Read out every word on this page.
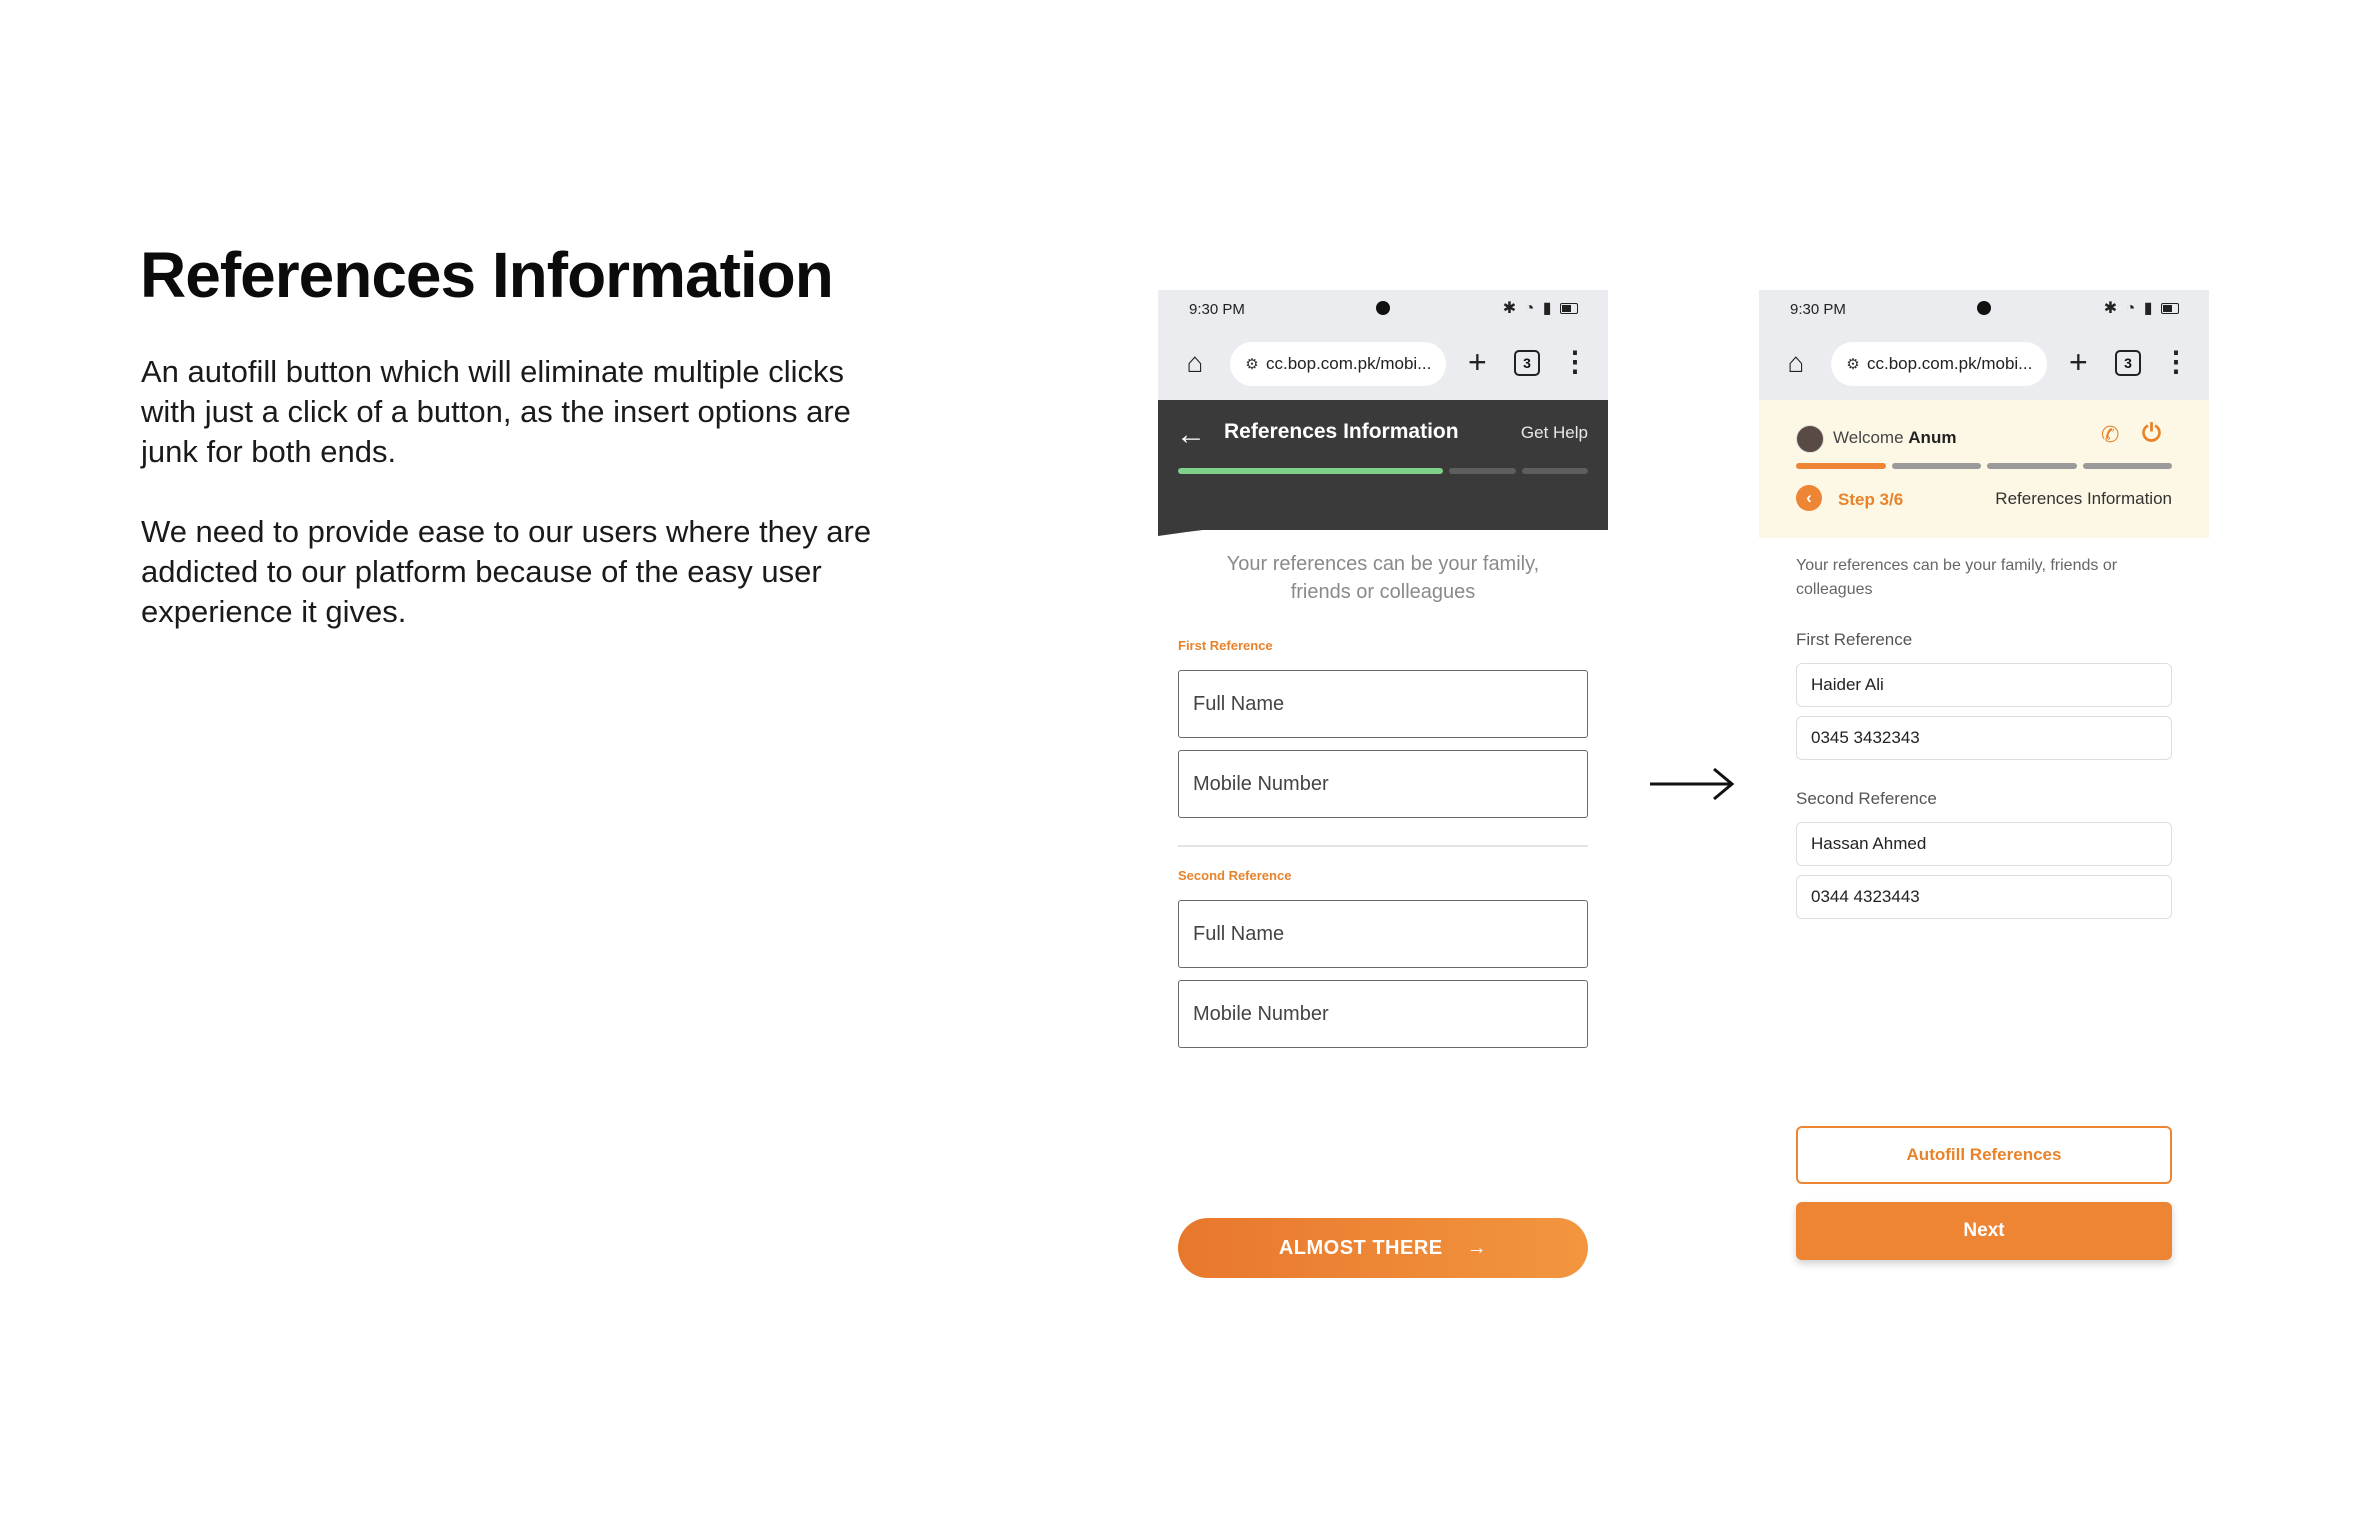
References Information

An autofill button which will eliminate multiple clicks with just a click of a button, as the insert options are junk for both ends.

We need to provide ease to our users where they are addicted to our platform because of the easy user experience it gives.

9:30 PM	✱ ◔ ▮
⌂	⚙ cc.bop.com.pk/mobi...	+	3	⋮
← References Information	Get Help
Your references can be your family, friends or colleagues
First Reference
Full Name
Mobile Number
Second Reference
Full Name
Mobile Number
ALMOST THERE →
9:30 PM	✱ ◔ ▮
⌂	⚙ cc.bop.com.pk/mobi...	+	3	⋮
Welcome Anum	✆ ⏻
‹	Step 3/6	References Information
Your references can be your family, friends or colleagues
First Reference
Haider Ali
0345 3432343
Second Reference
Hassan Ahmed
0344 4323443
Autofill References
Next
